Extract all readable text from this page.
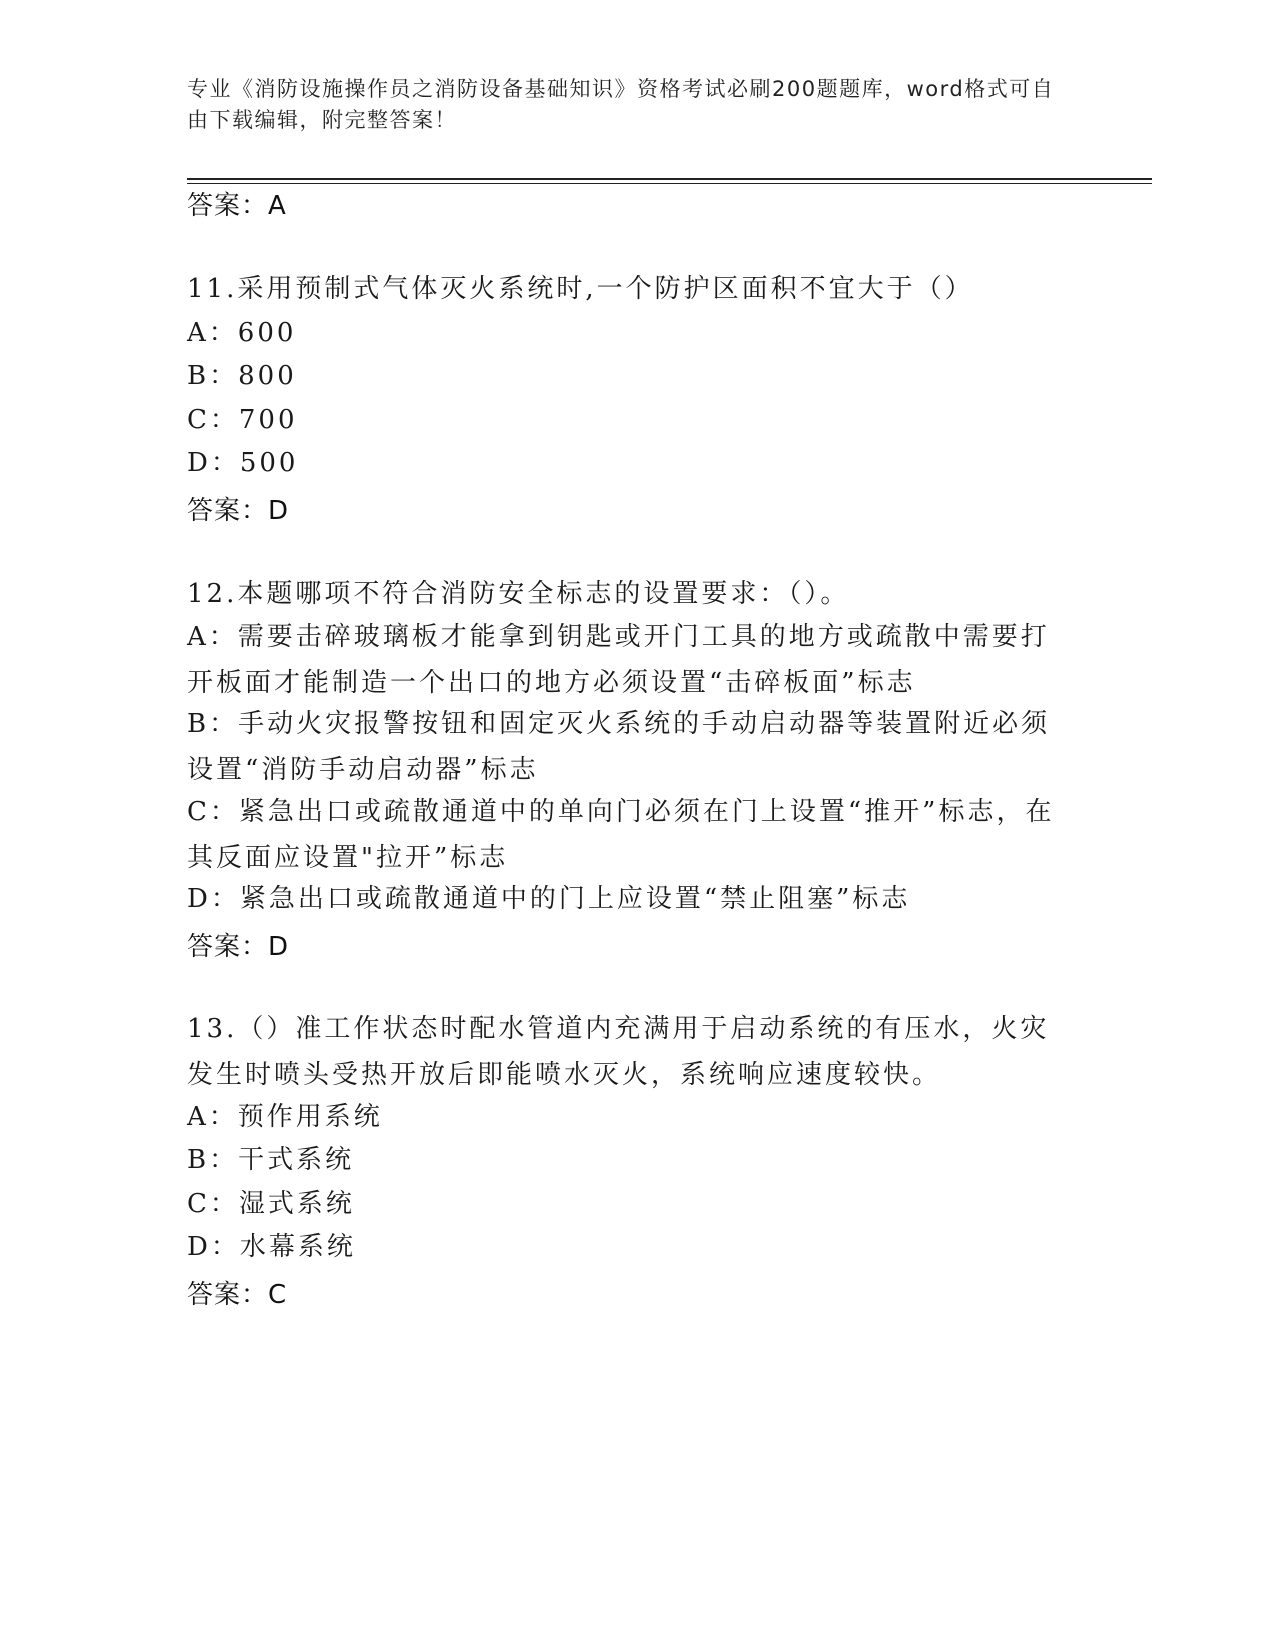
专业《消防设施操作员之消防设备基础知识》资格考试必刷200题题库，word格式可自由下载编辑，附完整答案！
答案：A
11.采用预制式气体灭火系统时,一个防护区面积不宜大于（）
A：600
B：800
C：700
D：500
答案：D
12.本题哪项不符合消防安全标志的设置要求：（）。
A：需要击碎玻璃板才能拿到钥匙或开门工具的地方或疏散中需要打开板面才能制造一个出口的地方必须设置“击碎板面”标志
B：手动火灾报警按钮和固定灭火系统的手动启动器等装置附近必须设置“消防手动启动器”标志
C：紧急出口或疏散通道中的单向门必须在门上设置“推开”标志，在其反面应设置"拉开”标志
D：紧急出口或疏散通道中的门上应设置“禁止阻塞”标志
答案：D
13.（）准工作状态时配水管道内充满用于启动系统的有压水，火灾发生时喷头受热开放后即能喷水灭火，系统响应速度较快。
A：预作用系统
B：干式系统
C：湿式系统
D：水幕系统
答案：C
